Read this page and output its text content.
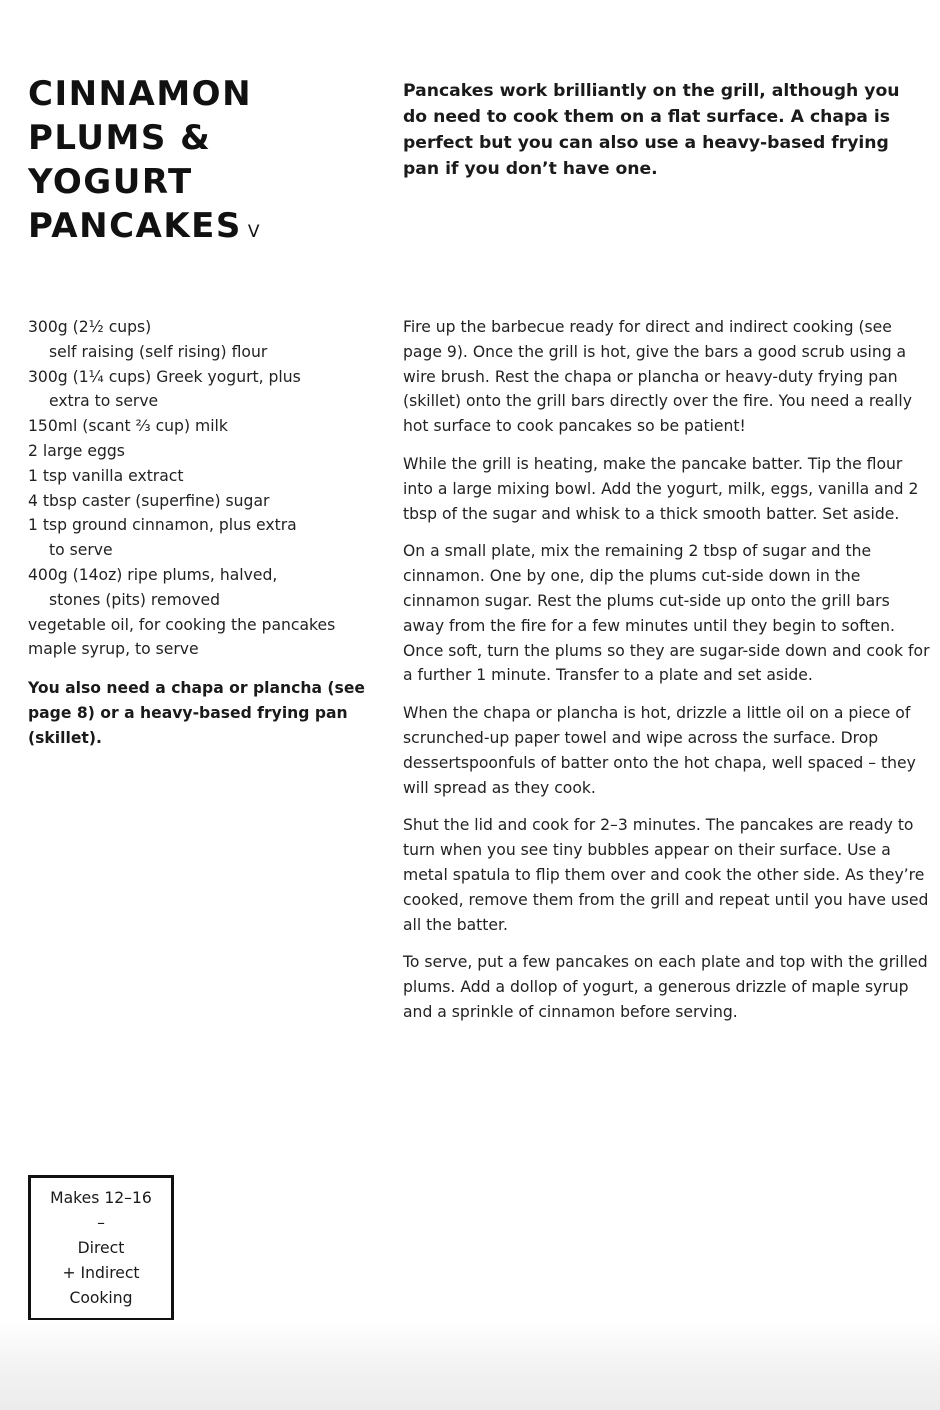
CINNAMON
PLUMS &
YOGURT
PANCAKES V

Pancakes work brilliantly on the grill, although you do need to cook them on a flat surface. A chapa is perfect but you can also use a heavy-based frying pan if you don’t have one.

300g (2½ cups)
self raising (self rising) flour
300g (1¼ cups) Greek yogurt, plus
extra to serve
150ml (scant ⅔ cup) milk
2 large eggs
1 tsp vanilla extract
4 tbsp caster (superfine) sugar
1 tsp ground cinnamon, plus extra
to serve
400g (14oz) ripe plums, halved,
stones (pits) removed
vegetable oil, for cooking the pancakes
maple syrup, to serve

You also need a chapa or plancha (see page 8) or a heavy-based frying pan (skillet).

Fire up the barbecue ready for direct and indirect cooking (see page 9). Once the grill is hot, give the bars a good scrub using a wire brush. Rest the chapa or plancha or heavy-duty frying pan (skillet) onto the grill bars directly over the fire. You need a really hot surface to cook pancakes so be patient!

While the grill is heating, make the pancake batter. Tip the flour into a large mixing bowl. Add the yogurt, milk, eggs, vanilla and 2 tbsp of the sugar and whisk to a thick smooth batter. Set aside.

On a small plate, mix the remaining 2 tbsp of sugar and the cinnamon. One by one, dip the plums cut-side down in the cinnamon sugar. Rest the plums cut-side up onto the grill bars away from the fire for a few minutes until they begin to soften. Once soft, turn the plums so they are sugar-side down and cook for a further 1 minute. Transfer to a plate and set aside.

When the chapa or plancha is hot, drizzle a little oil on a piece of scrunched-up paper towel and wipe across the surface. Drop dessertspoonfuls of batter onto the hot chapa, well spaced – they will spread as they cook.

Shut the lid and cook for 2–3 minutes. The pancakes are ready to turn when you see tiny bubbles appear on their surface. Use a metal spatula to flip them over and cook the other side. As they’re cooked, remove them from the grill and repeat until you have used all the batter.

To serve, put a few pancakes on each plate and top with the grilled plums. Add a dollop of yogurt, a generous drizzle of maple syrup and a sprinkle of cinnamon before serving.

Makes 12–16
–
Direct
+ Indirect
Cooking
